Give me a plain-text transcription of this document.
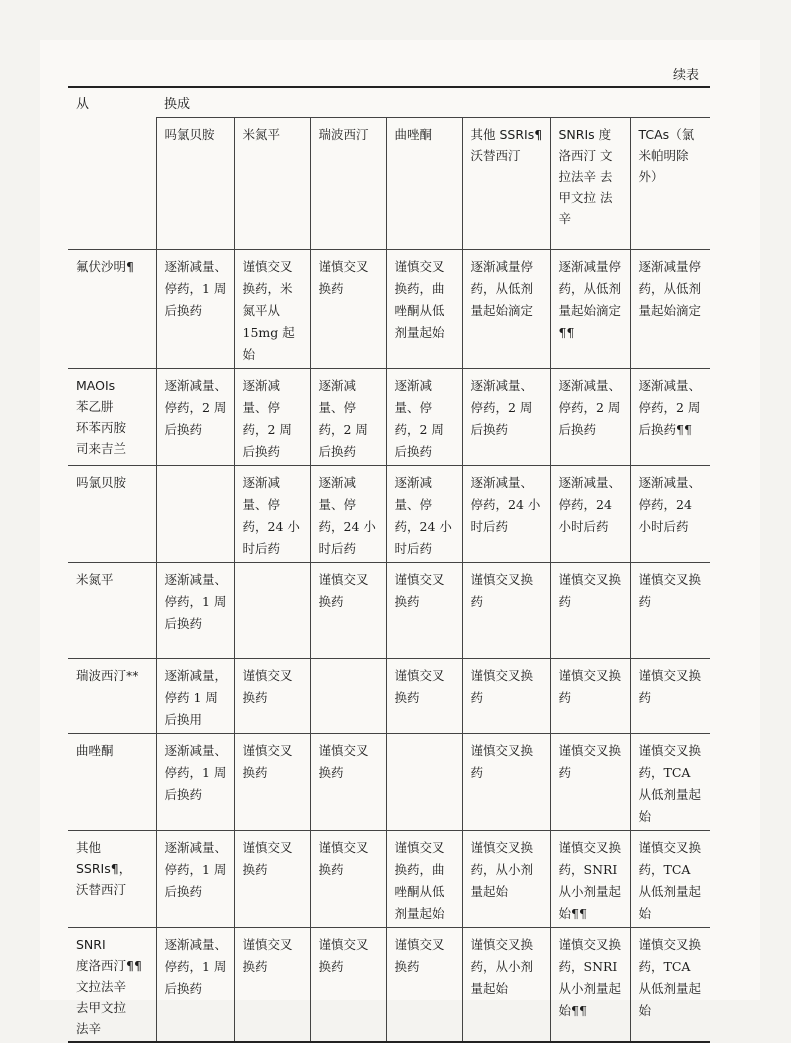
续表
从	换成						
	吗氯贝胺	米氮平	瑞波西汀	曲唑酮	其他 SSRIs¶ 沃替西汀	SNRIs 度洛西汀 文拉法辛 去甲文拉 法辛	TCAs（氯米帕明除外）

氟伏沙明¶	逐渐减量、停药，1 周后换药	谨慎交叉换药，米氮平从 15mg 起始	谨慎交叉换药	谨慎交叉换药，曲唑酮从低剂量起始	逐渐减量停药，从低剂量起始滴定	逐渐减量停药，从低剂量起始滴定¶¶	逐渐减量停药，从低剂量起始滴定

MAOIs
苯乙肼
环苯丙胺
司来吉兰	逐渐减量、停药，2 周后换药	逐渐减量、停药，2 周后换药	逐渐减量、停药，2 周后换药	逐渐减量、停药，2 周后换药	逐渐减量、停药，2 周后换药	逐渐减量、停药，2 周后换药	逐渐减量、停药，2 周后换药¶¶

吗氯贝胺		逐渐减量、停药，24 小时后药	逐渐减量、停药，24 小时后药	逐渐减量、停药，24 小时后药	逐渐减量、停药，24 小时后药	逐渐减量、停药，24 小时后药	逐渐减量、停药，24 小时后药

米氮平	逐渐减量、停药，1 周后换药		谨慎交叉换药	谨慎交叉换药	谨慎交叉换药	谨慎交叉换药	谨慎交叉换药

瑞波西汀**	逐渐减量，停药 1 周后换用	谨慎交叉换药		谨慎交叉换药	谨慎交叉换药	谨慎交叉换药	谨慎交叉换药

曲唑酮	逐渐减量、停药，1 周后换药	谨慎交叉换药	谨慎交叉换药		谨慎交叉换药	谨慎交叉换药	谨慎交叉换药，TCA 从低剂量起始

其他 SSRIs¶，
沃替西汀	逐渐减量、停药，1 周后换药	谨慎交叉换药	谨慎交叉换药	谨慎交叉换药，曲唑酮从低剂量起始	谨慎交叉换药，从小剂量起始	谨慎交叉换药，SNRI 从小剂量起始¶¶	谨慎交叉换药，TCA 从低剂量起始

SNRI
度洛西汀¶¶
文拉法辛
去甲文拉
法辛	逐渐减量、停药，1 周后换药	谨慎交叉换药	谨慎交叉换药	谨慎交叉换药	谨慎交叉换药，从小剂量起始	谨慎交叉换药，SNRI 从小剂量起始¶¶	谨慎交叉换药，TCA 从低剂量起始
